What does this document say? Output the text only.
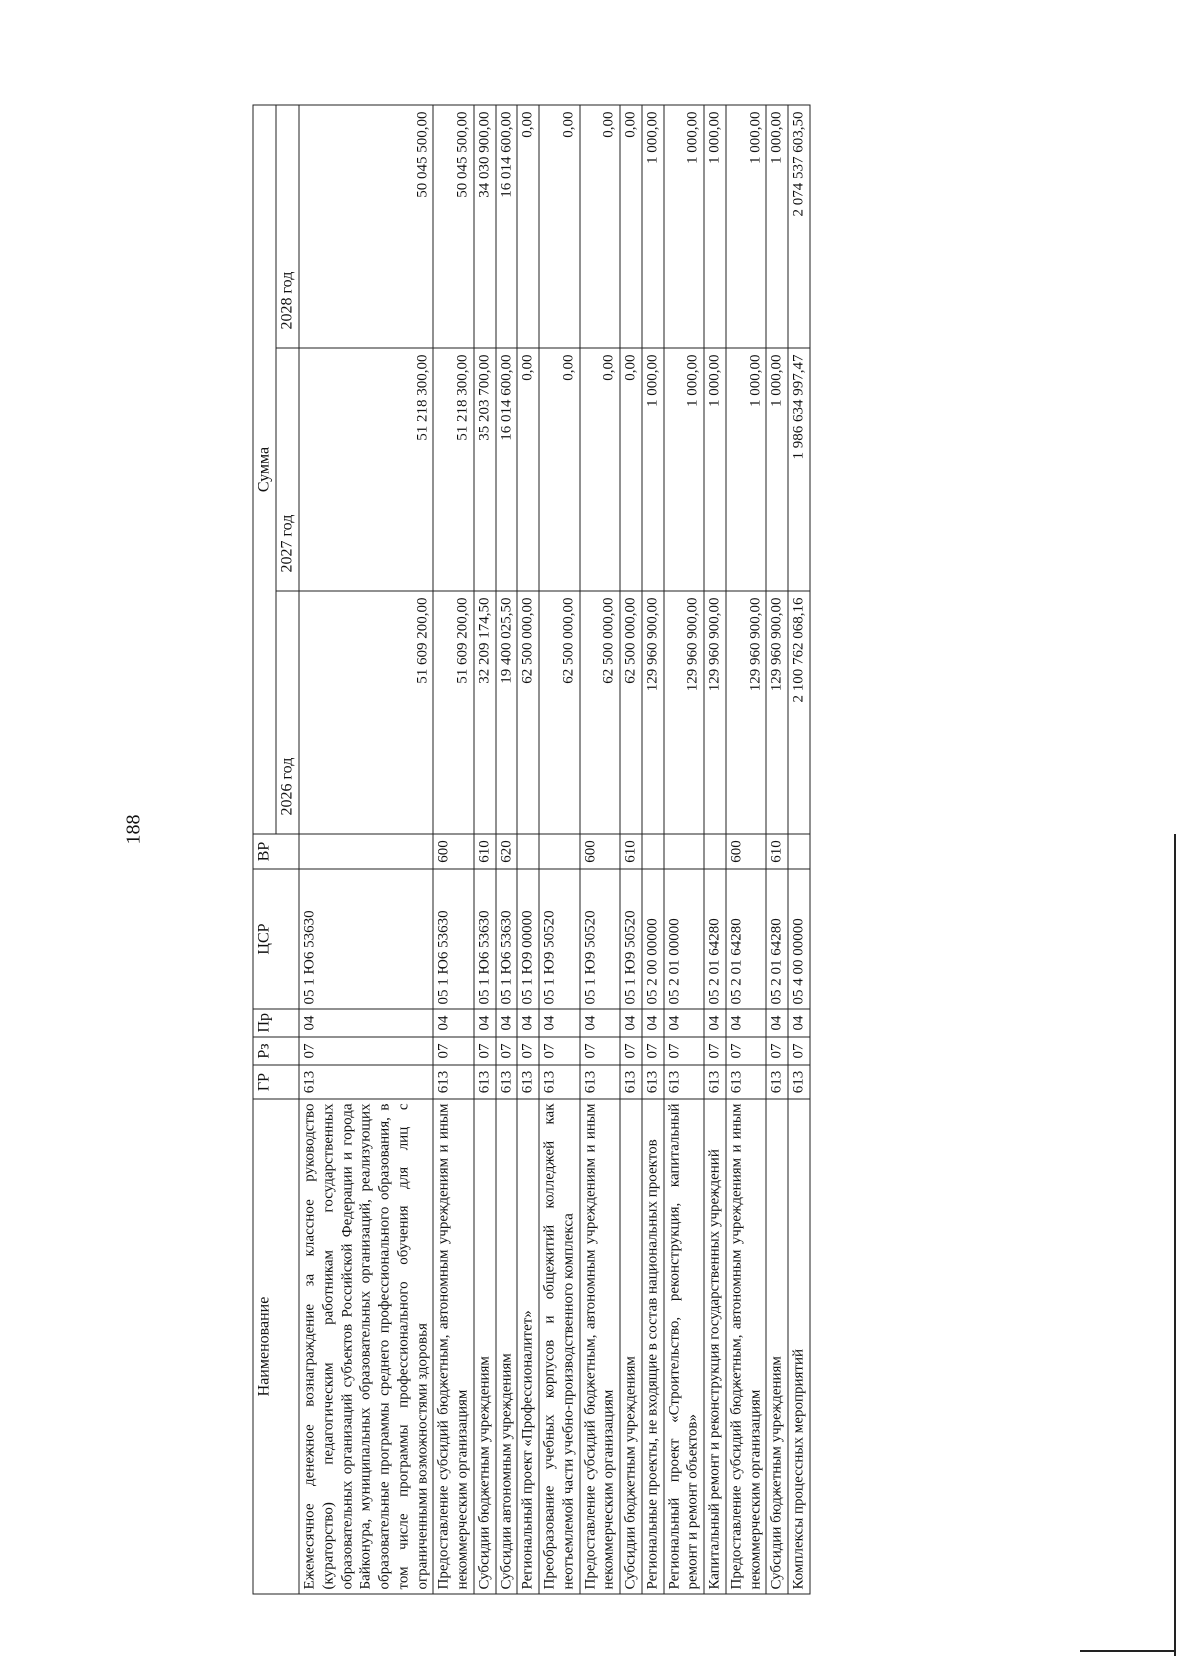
188
Наименование	ГР	Рз	Пр	ЦСР	ВР	Сумма		
						2026 год	2027 год	2028 год
Ежемесячное денежное вознаграждение за классное руководство (кураторство) педагогическим работникам государственных образовательных организаций субъектов Российской Федерации и города Байконура, муниципальных образовательных организаций, реализующих образовательные программы среднего профессионального образования, в том числе программы профессионального обучения для лиц с ограниченными возможностями здоровья	613	07	04	05 1 Ю6 53630		51 609 200,00	51 218 300,00	50 045 500,00
Предоставление субсидий бюджетным, автономным учреждениям и иным некоммерческим организациям	613	07	04	05 1 Ю6 53630	600	51 609 200,00	51 218 300,00	50 045 500,00
Субсидии бюджетным учреждениям	613	07	04	05 1 Ю6 53630	610	32 209 174,50	35 203 700,00	34 030 900,00
Субсидии автономным учреждениям	613	07	04	05 1 Ю6 53630	620	19 400 025,50	16 014 600,00	16 014 600,00
Региональный проект «Профессионалитет»	613	07	04	05 1 Ю9 00000		62 500 000,00	0,00	0,00
Преобразование учебных корпусов и общежитий колледжей как неотъемлемой части учебно-производственного комплекса	613	07	04	05 1 Ю9 50520		62 500 000,00	0,00	0,00
Предоставление субсидий бюджетным, автономным учреждениям и иным некоммерческим организациям	613	07	04	05 1 Ю9 50520	600	62 500 000,00	0,00	0,00
Субсидии бюджетным учреждениям	613	07	04	05 1 Ю9 50520	610	62 500 000,00	0,00	0,00
Региональные проекты, не входящие в состав национальных проектов	613	07	04	05 2 00 00000		129 960 900,00	1 000,00	1 000,00
Региональный проект «Строительство, реконструкция, капитальный ремонт и ремонт объектов»	613	07	04	05 2 01 00000		129 960 900,00	1 000,00	1 000,00
Капитальный ремонт и реконструкция государственных учреждений	613	07	04	05 2 01 64280		129 960 900,00	1 000,00	1 000,00
Предоставление субсидий бюджетным, автономным учреждениям и иным некоммерческим организациям	613	07	04	05 2 01 64280	600	129 960 900,00	1 000,00	1 000,00
Субсидии бюджетным учреждениям	613	07	04	05 2 01 64280	610	129 960 900,00	1 000,00	1 000,00
Комплексы процессных мероприятий	613	07	04	05 4 00 00000		2 100 762 068,16	1 986 634 997,47	2 074 537 603,50
